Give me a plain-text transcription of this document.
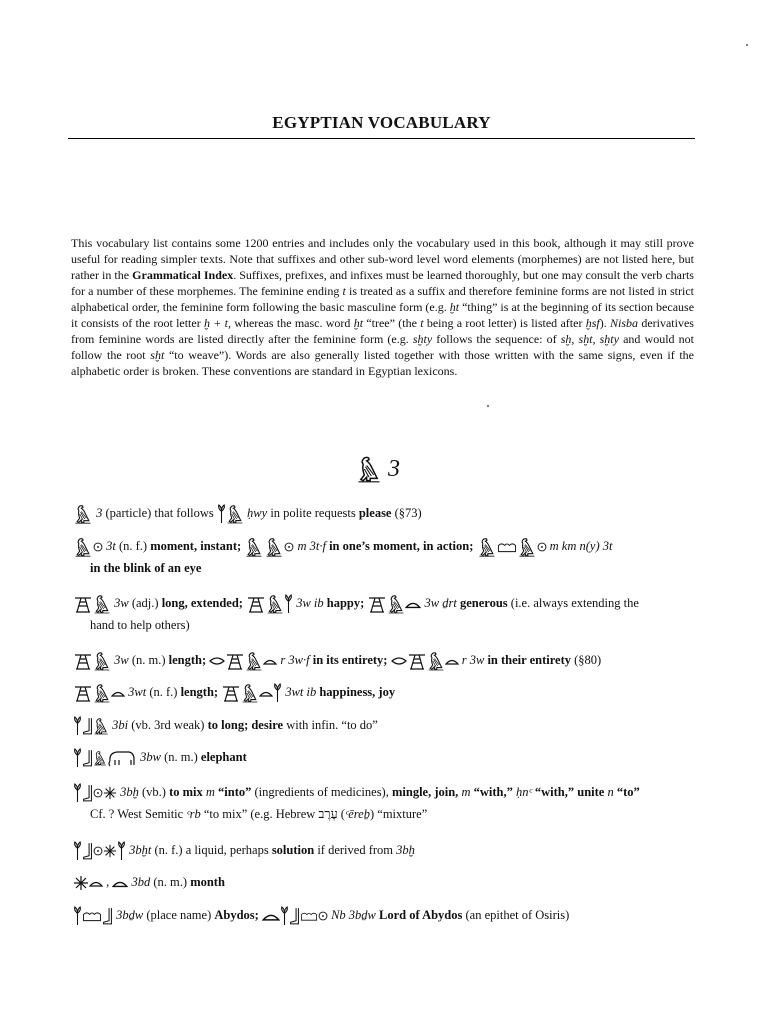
EGYPTIAN VOCABULARY
This vocabulary list contains some 1200 entries and includes only the vocabulary used in this book, although it may still prove useful for reading simpler texts. Note that suffixes and other sub-word level word elements (morphemes) are not listed here, but rather in the Grammatical Index. Suffixes, prefixes, and infixes must be learned thoroughly, but one may consult the verb charts for a number of these morphemes. The feminine ending t is treated as a suffix and therefore feminine forms are not listed in strict alphabetical order, the feminine form following the basic masculine form (e.g. ḫt “thing” is at the beginning of its section because it consists of the root letter ḫ + t, whereas the masc. word ḫt “tree” (the t being a root letter) is listed after ḫsf). Nisba derivatives from feminine words are listed directly after the feminine form (e.g. sḫty follows the sequence: of sḫ, sḫt, sḫty and would not follow the root sḫt “to weave”). Words are also generally listed together with those written with the same signs, even if the alphabetic order is broken. These conventions are standard in Egyptian lexicons.
3
3 (particle) that follows
ḥwy in polite requests please (§73)
3t (n. f.) moment, instant;	m 3t·f in one’s moment, in action;	m km n(y) 3t
in the blink of an eye
3w (adj.) long, extended;	3w ib happy;	3w ḏrt generous (i.e. always extending the
hand to help others)
3w (n. m.) length;	r 3w·f in its entirety;	r 3w in their entirety (§80)
3wt (n. f.) length;	3wt ib happiness, joy
3bi (vb. 3rd weak) to long; desire with infin. “to do”
3bw (n. m.) elephant
3bḫ (vb.) to mix m “into” (ingredients of medicines), mingle, join, m “with,” ḥnᶜ “with,” unite n “to”
Cf. ? West Semitic ᶜrb “to mix” (e.g. Hebrew עֶרֶב (ᶜēreḇ) “mixture”
3bḫt (n. f.) a liquid, perhaps solution if derived from 3bḫ
,
3bd (n. m.) month
3bḏw (place name) Abydos;	Nb 3bḏw Lord of Abydos (an epithet of Osiris)
